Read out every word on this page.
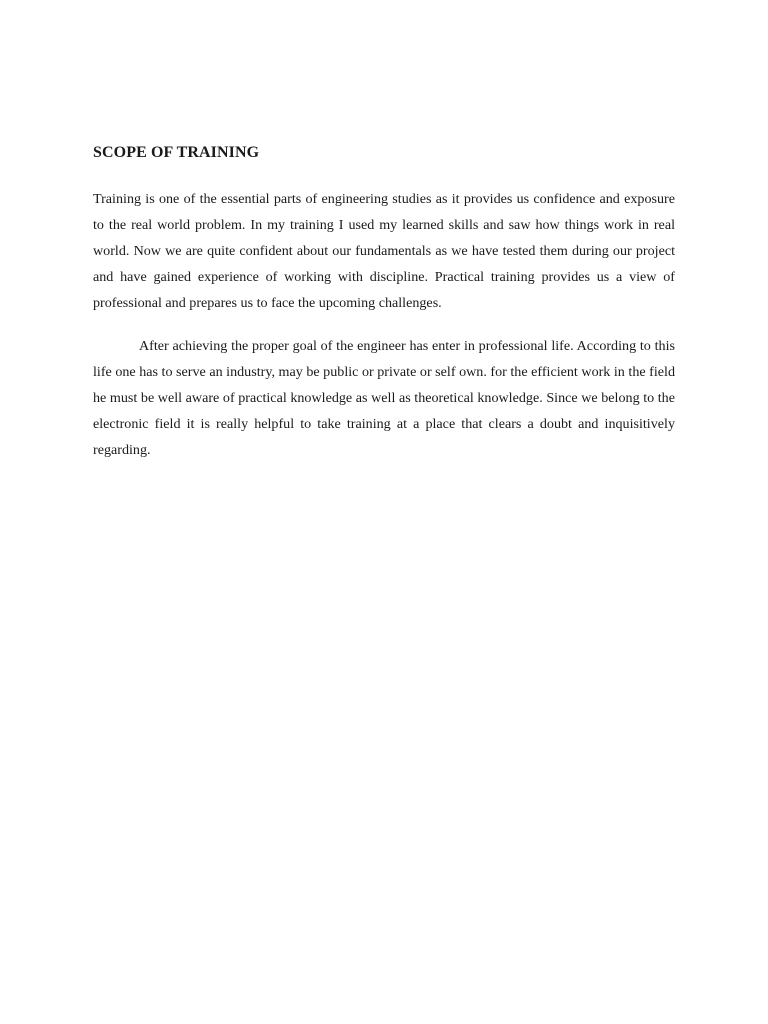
SCOPE OF TRAINING

Training is one of the essential parts of engineering studies as it provides us confidence and exposure to the real world problem. In my training I used my learned skills and saw how things work in real world. Now we are quite confident about our fundamentals as we have tested them during our project and have gained experience of working with discipline. Practical training provides us a view of professional and prepares us to face the upcoming challenges.

After achieving the proper goal of the engineer has enter in professional life. According to this life one has to serve an industry, may be public or private or self own. for the efficient work in the field he must be well aware of practical knowledge as well as theoretical knowledge. Since we belong to the electronic field it is really helpful to take training at a place that clears a doubt and inquisitively regarding.
